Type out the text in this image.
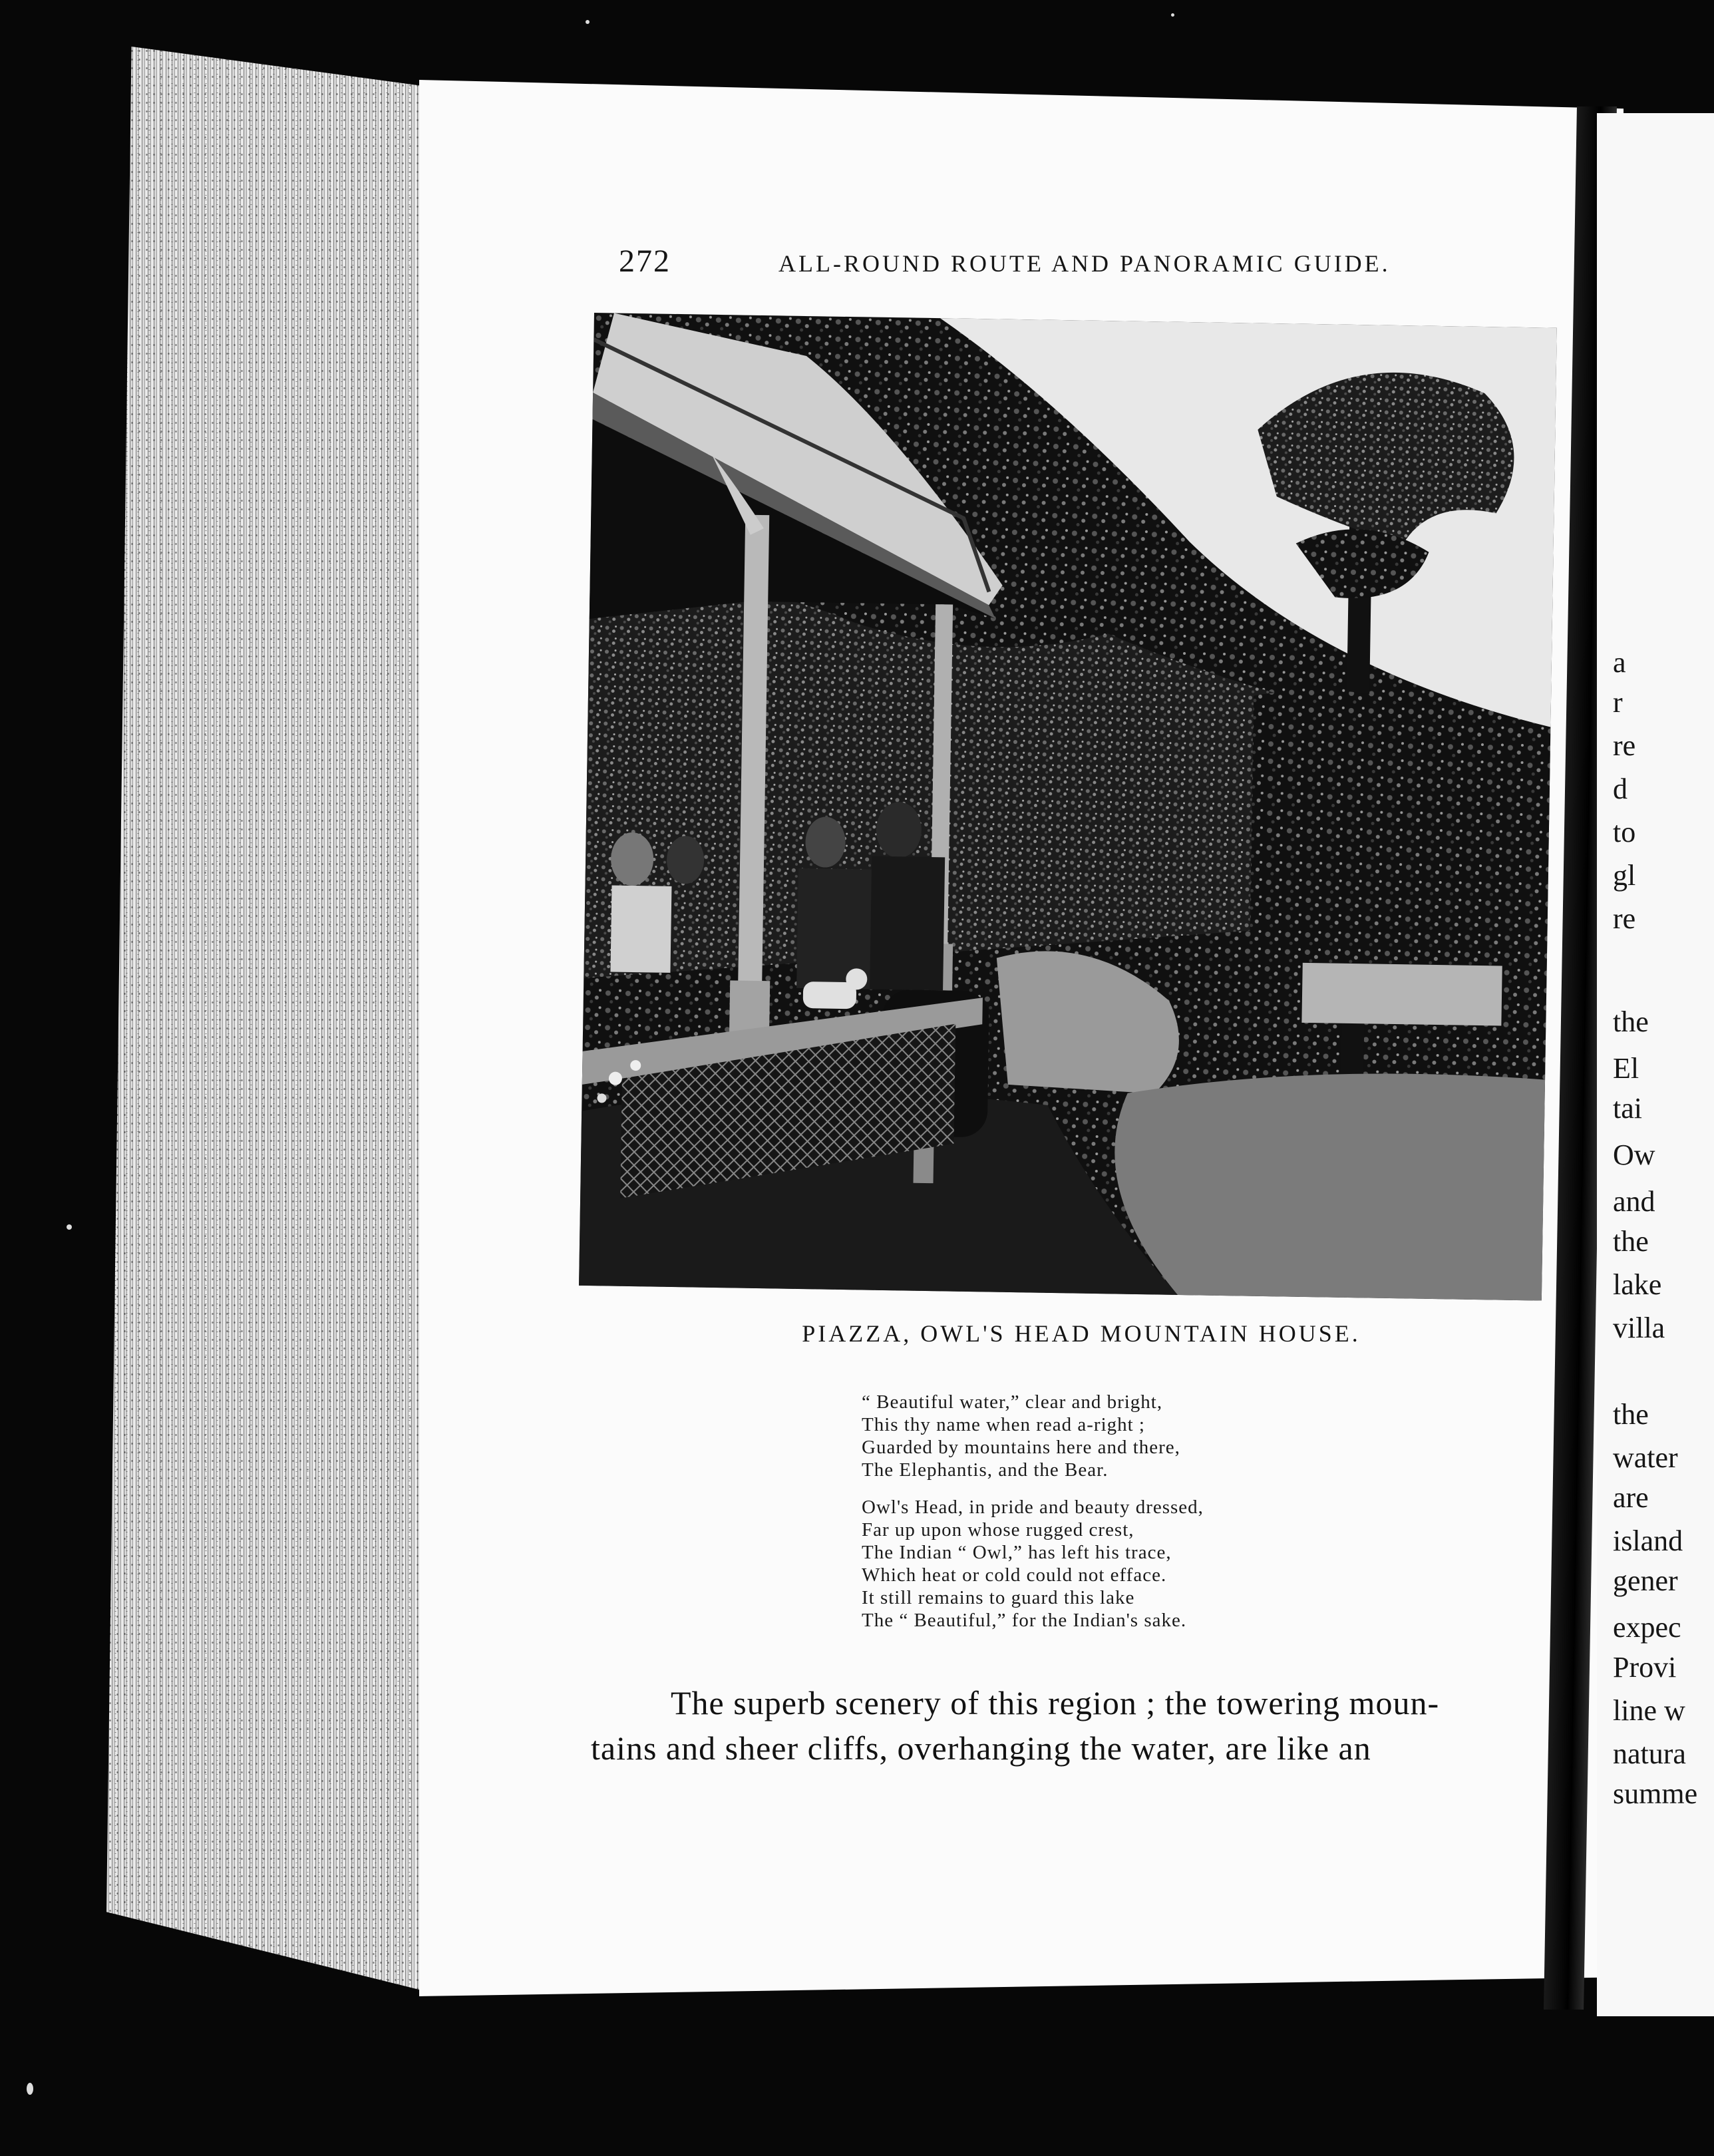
a
r
re
d
to
gl
re
the
El
tai
Ow
and
the
lake
villa
the
water
are
island
gener
expec
Provi
line w
natura
summe
272	ALL-ROUND ROUTE AND PANORAMIC GUIDE.
PIAZZA, OWL'S HEAD MOUNTAIN HOUSE.
“ Beautiful water,” clear and bright,
This thy name when read a-right ;
Guarded by mountains here and there,
The Elephantis, and the Bear.
Owl's Head, in pride and beauty dressed,
Far up upon whose rugged crest,
The Indian “ Owl,” has left his trace,
Which heat or cold could not efface.
It still remains to guard this lake
The “ Beautiful,” for the Indian's sake.
The superb scenery of this region ; the towering moun-
tains and sheer cliffs, overhanging the water, are like an
